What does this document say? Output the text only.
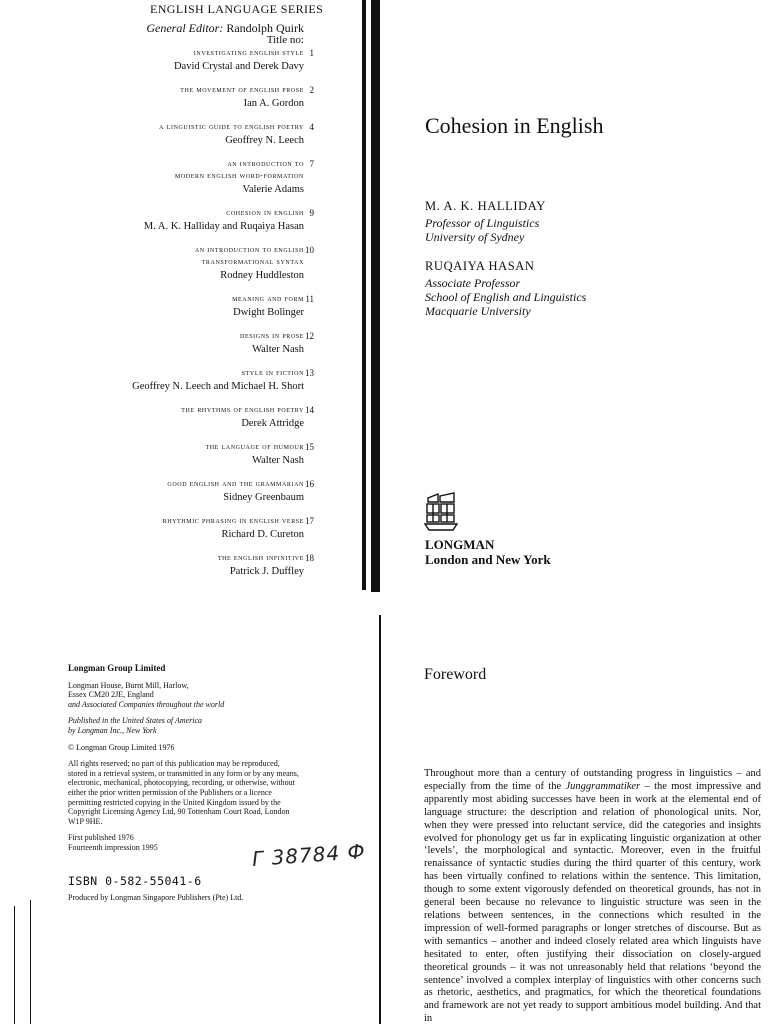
ENGLISH LANGUAGE SERIES
General Editor: Randolph Quirk
Title no:
investigating english style 1
David Crystal and Derek Davy
the movement of english prose 2
Ian A. Gordon
a linguistic guide to english poetry 4
Geoffrey N. Leech
an introduction to
modern english word-formation
7
Valerie Adams
cohesion in english 9
M. A. K. Halliday and Ruqaiya Hasan
an introduction to english
transformational syntax
10
Rodney Huddleston
meaning and form 11
Dwight Bolinger
designs in prose 12
Walter Nash
style in fiction 13
Geoffrey N. Leech and Michael H. Short
the rhythms of english poetry 14
Derek Attridge
the language of humour 15
Walter Nash
good english and the grammarian 16
Sidney Greenbaum
rhythmic phrasing in english verse 17
Richard D. Cureton
the english infinitive 18
Patrick J. Duffley
Cohesion in English
M. A. K. HALLIDAY
Professor of Linguistics
University of Sydney
RUQAIYA HASAN
Associate Professor
School of English and Linguistics
Macquarie University
LONGMAN
London and New York

Longman Group Limited

Longman House, Burnt Mill, Harlow,
Essex CM20 2JE, England
and Associated Companies throughout the world

Published in the United States of America
by Longman Inc., New York

© Longman Group Limited 1976

All rights reserved; no part of this publication may be reproduced,
stored in a retrieval system, or transmitted in any form or by any means,
electronic, mechanical, photocopying, recording, or otherwise, without
either the prior written permission of the Publishers or a licence
permitting restricted copying in the United Kingdom issued by the
Copyright Licensing Agency Ltd, 90 Tottenham Court Road, London
W1P 9HE.

First published 1976
Fourteenth impression 1995

ISBN 0-582-55041-6
Г 38784 Ф
Produced by Longman Singapore Publishers (Pte) Ltd.
Foreword

Throughout more than a century of outstanding progress in linguistics – and especially from the time of the Junggrammatiker – the most impressive and apparently most abiding successes have been in work at the elemental end of language structure: the description and relation of phonological units. Nor, when they were pressed into reluctant service, did the categories and insights evolved for phonology get us far in explicating linguistic organization at other ‘levels’, the morphological and syntactic. Moreover, even in the fruitful renaissance of syntactic studies during the third quarter of this century, work has been virtually confined to relations within the sentence. This limitation, though to some extent vigorously defended on theoretical grounds, has not in general been because no relevance to linguistic structure was seen in the relations between sentences, in the connections which resulted in the impression of well-formed paragraphs or longer stretches of discourse. But as with semantics – another and indeed closely related area which linguists have hesitated to enter, often justifying their dissociation on closely-argued theoretical grounds – it was not unreasonably held that relations ‘beyond the sentence’ involved a complex interplay of linguistics with other concerns such as rhetoric, aesthetics, and pragmatics, for which the theoretical foundations and framework are not yet ready to support ambitious model building. And that in
